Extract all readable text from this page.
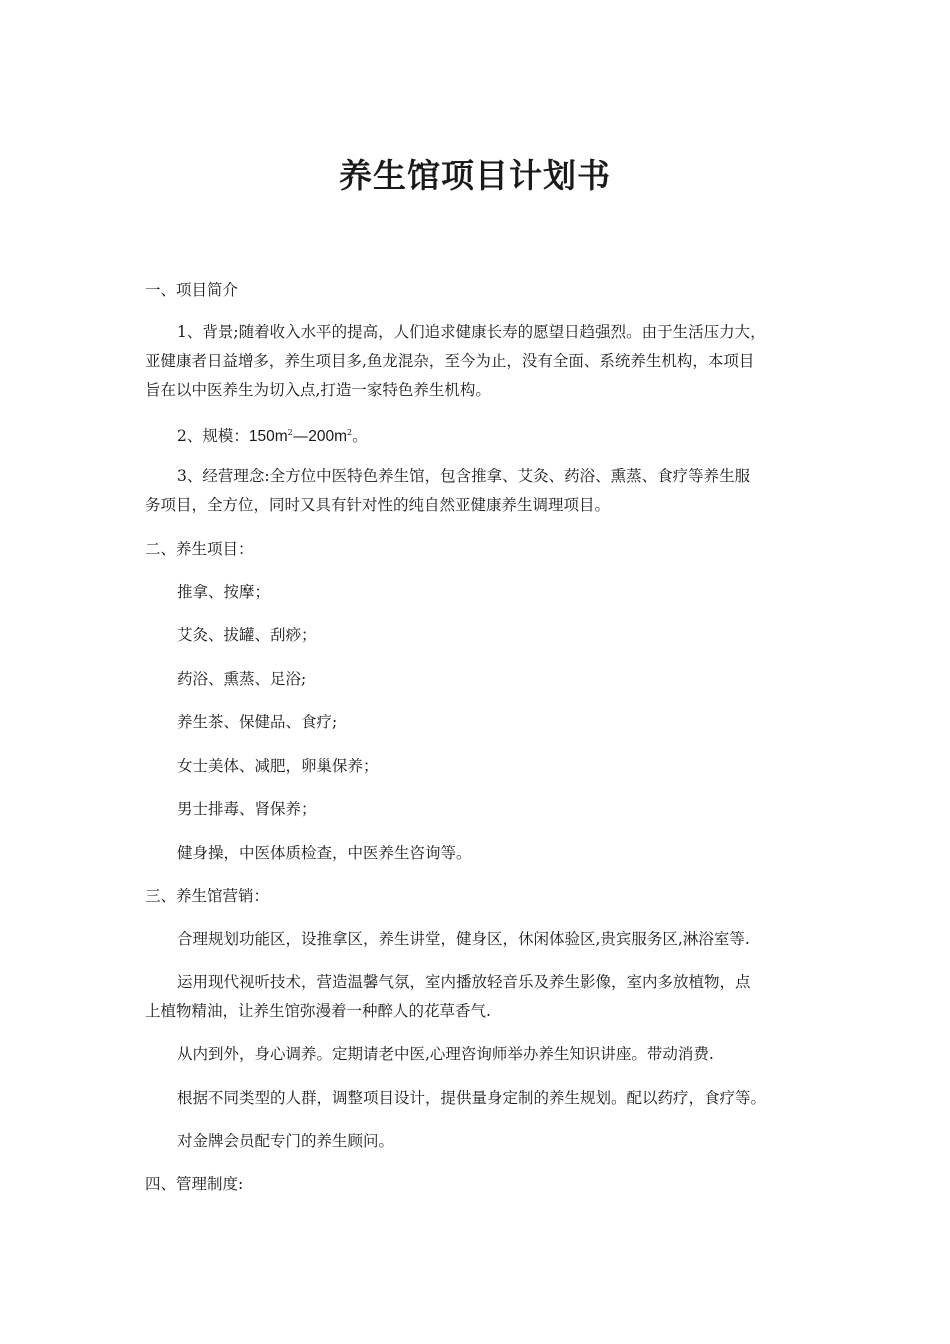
养生馆项目计划书
一、项目简介
1、背景;随着收入水平的提高，人们追求健康长寿的愿望日趋强烈。由于生活压力大，
亚健康者日益增多，养生项目多,鱼龙混杂，至今为止，没有全面、系统养生机构，本项目
旨在以中医养生为切入点,打造一家特色养生机构。
2、规模：$150m^2—200m^2$。
3、经营理念:全方位中医特色养生馆，包含推拿、艾灸、药浴、熏蒸、食疗等养生服
务项目，全方位，同时又具有针对性的纯自然亚健康养生调理项目。
二、养生项目：
推拿、按摩；
艾灸、拔罐、刮痧；
药浴、熏蒸、足浴;
养生茶、保健品、食疗;
女士美体、减肥，卵巢保养；
男士排毒、肾保养；
健身操，中医体质检查，中医养生咨询等。
三、养生馆营销：
合理规划功能区，设推拿区，养生讲堂，健身区，休闲体验区,贵宾服务区,淋浴室等.
运用现代视听技术，营造温馨气氛，室内播放轻音乐及养生影像，室内多放植物，点
上植物精油，让养生馆弥漫着一种醉人的花草香气.
从内到外，身心调养。定期请老中医,心理咨询师举办养生知识讲座。带动消费.
根据不同类型的人群，调整项目设计，提供量身定制的养生规划。配以药疗，食疗等。
对金牌会员配专门的养生顾问。
四、管理制度:
